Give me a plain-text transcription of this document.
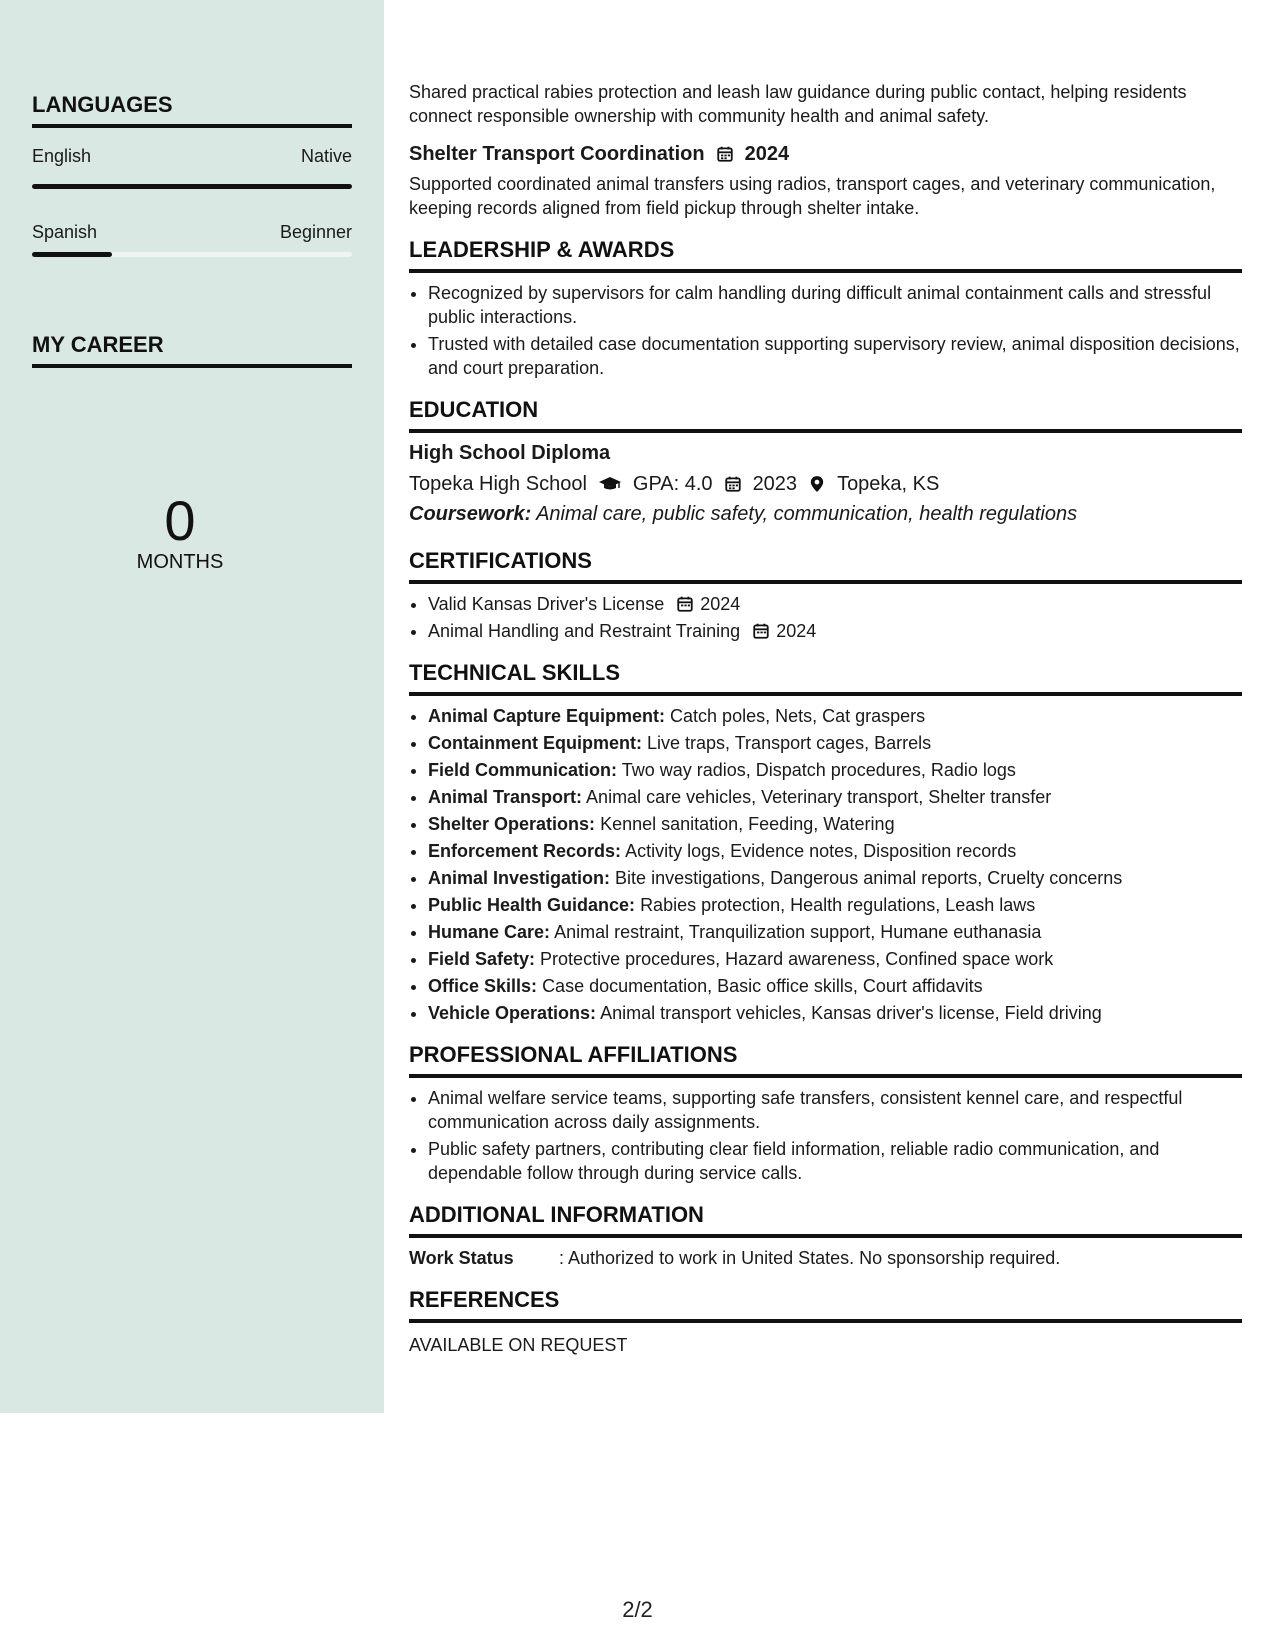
LANGUAGES
English	Native
Spanish	Beginner
MY CAREER
0
MONTHS

Shared practical rabies protection and leash law guidance during public contact, helping residents connect responsible ownership with community health and animal safety.

Shelter Transport Coordination 2024

Supported coordinated animal transfers using radios, transport cages, and veterinary communication, keeping records aligned from field pickup through shelter intake.

LEADERSHIP & AWARDS
• Recognized by supervisors for calm handling during difficult animal containment calls and stressful public interactions.
• Trusted with detailed case documentation supporting supervisory review, animal disposition decisions, and court preparation.
EDUCATION
High School Diploma
Topeka High School GPA: 4.0 2023 Topeka, KS
Coursework: Animal care, public safety, communication, health regulations
CERTIFICATIONS
• Valid Kansas Driver's License 2024
• Animal Handling and Restraint Training 2024
TECHNICAL SKILLS
• Animal Capture Equipment: Catch poles, Nets, Cat graspers
• Containment Equipment: Live traps, Transport cages, Barrels
• Field Communication: Two way radios, Dispatch procedures, Radio logs
• Animal Transport: Animal care vehicles, Veterinary transport, Shelter transfer
• Shelter Operations: Kennel sanitation, Feeding, Watering
• Enforcement Records: Activity logs, Evidence notes, Disposition records
• Animal Investigation: Bite investigations, Dangerous animal reports, Cruelty concerns
• Public Health Guidance: Rabies protection, Health regulations, Leash laws
• Humane Care: Animal restraint, Tranquilization support, Humane euthanasia
• Field Safety: Protective procedures, Hazard awareness, Confined space work
• Office Skills: Case documentation, Basic office skills, Court affidavits
• Vehicle Operations: Animal transport vehicles, Kansas driver's license, Field driving
PROFESSIONAL AFFILIATIONS
• Animal welfare service teams, supporting safe transfers, consistent kennel care, and respectful communication across daily assignments.
• Public safety partners, contributing clear field information, reliable radio communication, and dependable follow through during service calls.
ADDITIONAL INFORMATION
Work Status	: Authorized to work in United States. No sponsorship required.
REFERENCES

AVAILABLE ON REQUEST

2/2
